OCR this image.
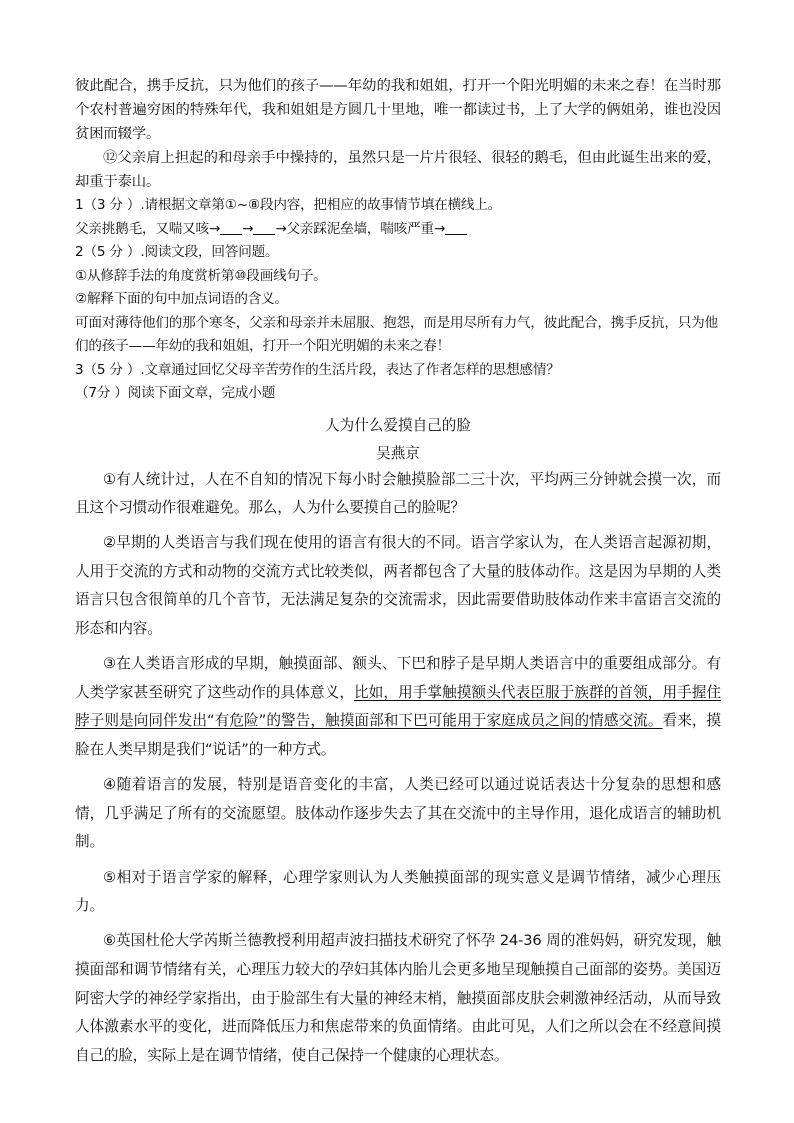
彼此配合，携手反抗，只为他们的孩子——年幼的我和姐姐，打开一个阳光明媚的未来之春！在当时那个农村普遍穷困的特殊年代，我和姐姐是方圆几十里地，唯一都读过书，上了大学的俩姐弟，谁也没因贫困而辍学。

⑫父亲肩上担起的和母亲手中操持的，虽然只是一片片很轻、很轻的鹅毛，但由此诞生出来的爱，却重于泰山。

1（3 分 ）.请根据文章第①~⑧段内容，把相应的故事情节填在横线上。

父亲挑鹅毛，又喘又咳→ → →父亲踩泥垒墙，喘咳严重→

2（5 分 ）.阅读文段，回答问题。

①从修辞手法的角度赏析第⑩段画线句子。

②解释下面的句中加点词语的含义。

可面对薄待他们的那个寒冬，父亲和母亲并未屈服、抱怨，而是用尽所有力气，彼此配合，携手反抗，只为他们的孩子——年幼的我和姐姐，打开一个阳光明媚的未来之春！

3（5 分 ）.文章通过回忆父母辛苦劳作的生活片段，表达了作者怎样的思想感情？

（7分 ）阅读下面文章，完成小题

人为什么爱摸自己的脸

吴燕京

①有人统计过，人在不自知的情况下每小时会触摸脸部二三十次，平均两三分钟就会摸一次，而且这个习惯动作很难避免。那么，人为什么要摸自己的脸呢？

②早期的人类语言与我们现在使用的语言有很大的不同。语言学家认为，在人类语言起源初期，人用于交流的方式和动物的交流方式比较类似，两者都包含了大量的肢体动作。这是因为早期的人类语言只包含很简单的几个音节，无法满足复杂的交流需求，因此需要借助肢体动作来丰富语言交流的形态和内容。

③在人类语言形成的早期，触摸面部、额头、下巴和脖子是早期人类语言中的重要组成部分。有人类学家甚至研究了这些动作的具体意义，比如，用手掌触摸额头代表臣服于族群的首领，用手握住脖子则是向同伴发出“有危险”的警告，触摸面部和下巴可能用于家庭成员之间的情感交流。看来，摸脸在人类早期是我们“说话”的一种方式。

④随着语言的发展，特别是语音变化的丰富，人类已经可以通过说话表达十分复杂的思想和感情，几乎满足了所有的交流愿望。肢体动作逐步失去了其在交流中的主导作用，退化成语言的辅助机制。

⑤相对于语言学家的解释，心理学家则认为人类触摸面部的现实意义是调节情绪，减少心理压力。

⑥英国杜伦大学芮斯兰德教授利用超声波扫描技术研究了怀孕 24-36 周的准妈妈，研究发现，触摸面部和调节情绪有关，心理压力较大的孕妇其体内胎儿会更多地呈现触摸自己面部的姿势。美国迈阿密大学的神经学家指出，由于脸部生有大量的神经末梢，触摸面部皮肤会刺激神经活动，从而导致人体激素水平的变化，进而降低压力和焦虑带来的负面情绪。由此可见，人们之所以会在不经意间摸自己的脸，实际上是在调节情绪，使自己保持一个健康的心理状态。
